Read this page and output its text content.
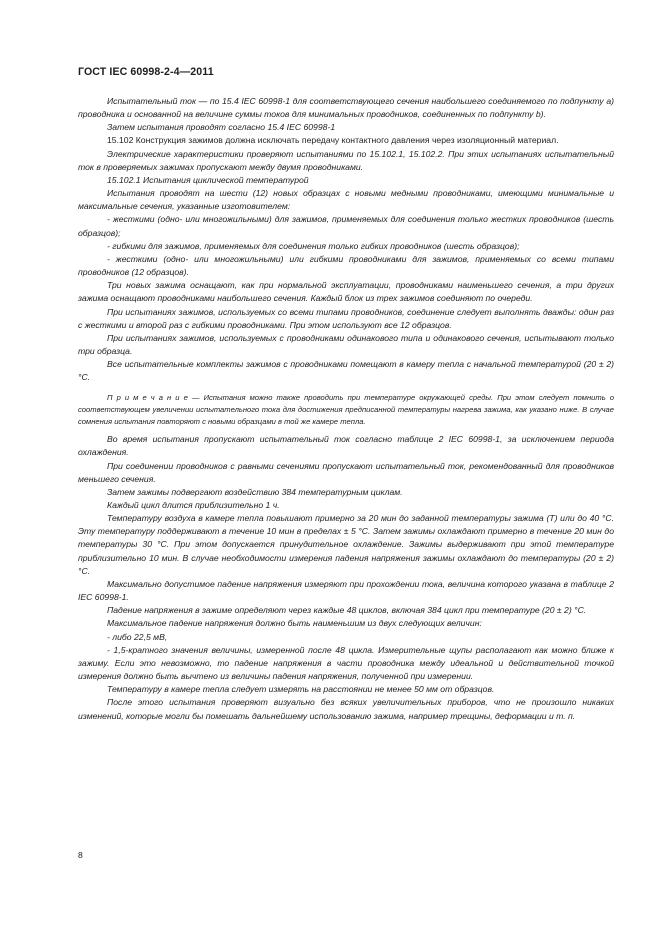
ГОСТ IEC 60998-2-4—2011

Испытательный ток — по 15.4 IEC 60998-1 для соответствующего сечения наибольшего соединяемого по подпункту а) проводника и основанной на величине суммы токов для минимальных проводников, соединенных по подпункту b).

Затем испытания проводят согласно 15.4 IEC 60998-1

15.102 Конструкция зажимов должна исключать передачу контактного давления через изоляционный материал.

Электрические характеристики проверяют испытаниями по 15.102.1, 15.102.2. При этих испытаниях испытательный ток в проверяемых зажимах пропускают между двумя проводниками.

15.102.1 Испытания циклической температурой

Испытания проводят на шести (12) новых образцах с новыми медными проводниками, имеющими минимальные и максимальные сечения, указанные изготовителем:

- жесткими (одно- или многожильными) для зажимов, применяемых для соединения только жестких проводников (шесть образцов);

- гибкими для зажимов, применяемых для соединения только гибких проводников (шесть образцов);

- жесткими (одно- или многожильными) или гибкими проводниками для зажимов, применяемых со всеми типами проводников (12 образцов).

Три новых зажима оснащают, как при нормальной эксплуатации, проводниками наименьшего сечения, а три других зажима оснащают проводниками наибольшего сечения. Каждый блок из трех зажимов соединяют по очереди.

При испытаниях зажимов, используемых со всеми типами проводников, соединение следует выполнять дважды: один раз с жесткими и второй раз с гибкими проводниками. При этом используют все 12 образцов.

При испытаниях зажимов, используемых с проводниками одинакового типа и одинакового сечения, испытывают только три образца.

Все испытательные комплекты зажимов с проводниками помещают в камеру тепла с начальной температурой (20 ± 2) °С.

П р и м е ч а н и е — Испытания можно также проводить при температуре окружающей среды. При этом следует помнить о соответствующем увеличении испытательного тока для достижения предписанной температуры нагрева зажима, как указано ниже. В случае сомнения испытания повторяют с новыми образцами в той же камере тепла.

Во время испытания пропускают испытательный ток согласно таблице 2 IEC 60998-1, за исключением периода охлаждения.

При соединении проводников с равными сечениями пропускают испытательный ток, рекомендованный для проводников меньшего сечения.

Затем зажимы подвергают воздействию 384 температурным циклам.

Каждый цикл длится приблизительно 1 ч.

Температуру воздуха в камере тепла повышают примерно за 20 мин до заданной температуры зажима (Т) или до 40 °С. Эту температуру поддерживают в течение 10 мин в пределах ± 5 °С. Затем зажимы охлаждают примерно в течение 20 мин до температуры 30 °С. При этом допускается принудительное охлаждение. Зажимы выдерживают при этой температуре приблизительно 10 мин. В случае необходимости измерения падения напряжения зажимы охлаждают до температуры (20 ± 2) °С.

Максимально допустимое падение напряжения измеряют при прохождении тока, величина которого указана в таблице 2 IEC 60998-1.

Падение напряжения в зажиме определяют через каждые 48 циклов, включая 384 цикл при температуре (20 ± 2) °С.

Максимальное падение напряжения должно быть наименьшим из двух следующих величин:

- либо 22,5 мВ,

- 1,5-кратного значения величины, измеренной после 48 цикла. Измерительные щупы располагают как можно ближе к зажиму. Если это невозможно, то падение напряжения в части проводника между идеальной и действительной точкой измерения должно быть вычтено из величины падения напряжения, полученной при измерении.

Температуру в камере тепла следует измерять на расстоянии не менее 50 мм от образцов.

После этого испытания проверяют визуально без всяких увеличительных приборов, что не произошло никаких изменений, которые могли бы помешать дальнейшему использованию зажима, например трещины, деформации и т. п.

8
